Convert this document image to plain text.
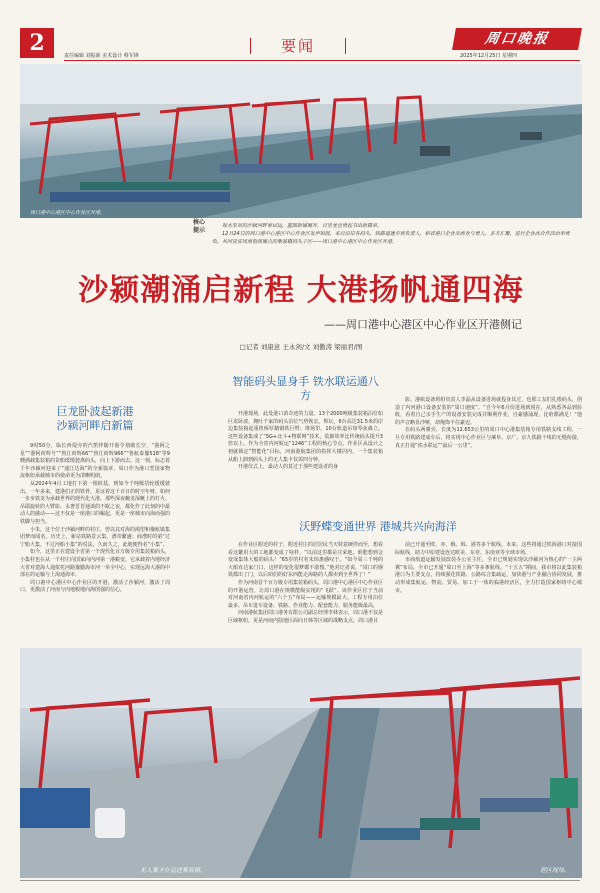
2	责任编辑 刘振新 美术设计 蔡军锋
要闻	周口晚报
2025年12月25日 星期四
周口港中心港区中心作业区开港。
核心提示
如水泵尽的沙颍河畔旁试运，蓝图新铺展开，百里龙也贵起书出新篇章。
12月24日的周口港中心港区中心作业区发声如鼓，来自沿岸各码头、铁路道通市场负责人、和省港口企业及商业与贵人、多方汇聚，进行企业高合作活动举贵负、共同见证周南孢孩展点的集装箱码头子区——周口港中心港区中心作业区开港。
沙颍潮涌启新程 大港扬帆通四海
——周口港中心港区中心作业区开港侧记
□记者 刘康意 王永剑/文 刘傲涛 梁丽君/图
巨龙卧波起新港
沙颍河畔启新篇

9时50分，临长西堤旁的汽笛伴随开港令划破长空，“港阿之星”“港阿荷辉号”“鲁江荷辉66”“鲁江荷辉966”“鲁航泰豫518”等9艘满载集装箱的货船缓缓驶离码头，向上下游而去。这一刻，标志着千年沙颍河迎来了“通江达海”的全新篇章，周口作为港口型国家物流枢纽承载城市的使命更为清晰明朗。

从2024年4月工地打下第一根桩基，到如今千吨级货轮缓缓驶出，一年多来，建港们正的铁骨，见证着这千百日的时空年财，如何一步步铁龙为承载世界的现代化大港。那些深夜蜿龙深蜒上的灯火、吊耶旋转的大臂影、永奢晋晋通谈的不眠之夜，都化作了此刻的中最动人的感动——这不仅是一座港口的崛起，更是一座城市向海而强的铁脚与担当。

小朱，这个位于沙颍河畔的村庄，曾以其对海的渴望和豫航镇集团梦而闻名。历史上，新站铁路景云集，漕帝繁盛；商漕时的第“过宁船大集，不过河船小集”的说法，久而久之，此地便得名“小集”。

如今，这里正在建设全省第一个现代化百万级专用集装箱码头，小集村也在从一个村庄向国家向内河第一港蜕变。它承载着内地经济大省对建海人通依托河路豫勤海市河一举全中心，实现远海大港的中部在的运输与上海通海市。

周口港中心港区中心作业区的开港，激活了沙颍河，激活了周口，更激活了河南与内地腹地向海图强的信心。

智能码头显身手 铁水联运通八方

开港现场，此处港口苗奇迹的力量。13个2000吨级集装箱泊位如巨龙卧波，拥吐千家的码头泊位气势恢宏。辉坛，6台高达31.5米的岸边集装箱起重机桥厚籍钢铁巨臂；堆场里，10台轨道吊如琴弦森立。这些设备集成了“5G+北斗+物联网”技术，装卸效率比传统码头提升3倍以上。作为全省内河航运“1246”工程的核心节点，作业区从设计之初就锁定“智能化”目标，河南港航集团的指挥大楼闪内，一个集装箱从船上卸到码头上的无人集卡仅需四分钟。

开港仪式上，最动人的莫过于那些建设者的身

影。港航设备班组负责人李磊从设备进场就投身其过，也那工友们扎根码头，创造了内河港口设备安装的“周口速度”。“自今年6月份进场到现在，从熟悉各品到验收，看着自己亲手生产的设备安装完成并顺利作业，自豪感涌现，比哈都满足！”他的声音略显沙哑，却掩饰不住豪迈。

在码头两翼旁，长度为12.653公里的周口中心港集装箱专用铁路支线工程，一旦专用铁路建成车后，将实现中心作业区与漯阜、京广、京九铁路干线的无缝衔接，真正打通“铁水联运”“最后一公里”。

沃野蝶变通世界 港城共兴向海洋

在作业区附近的村子，附近村庄的居居民当天特意硬伴而至，想看看这繁用大的工地都变成了啥样。“以前这里都是庄荣地，谁能想到会变成集体大船的码头！”65岁的村名朱炜惠感叹于。“如今周三千吨的大船直达家门口，这样的变化很梦都不敢想。”他对记者说，“周口的钢铁都出了门，以后咱们的好东西能走海路的人都卖到全世界了！”

作为河南首个百万级专用集装箱码头，周口港中心港区中心作业区的开港运营，让周口港在规模能级实现的“飞跃”。该作业区位于当前对河南省内河航运的“六个五”布局——运输规模最大、工程专用泊位最多、吊车进车设备、铁路、作业能力、配套能力、服务能级最高。

河南港航集团周口港务有限公司副总经理李林表示，周口港不仅是区域枢纽，更是河南内陆地区面向日韩等区域的战略支点，周口港目

前已开通至欧、亦、俄、韩、港等多个航线，未来，这些将通过铁海港口对接国际航线，助力中原建设连达欧美、东亚、东南亚等全球市场。

市商航道运输发展改装办公室主任，全市已规划实现以沙颍河为核心的“一主两翼”布局，全市已开通“周口至上海”等多条航线。“十五五”期间，我市将以此集装箱港口为主要支点，持续强化铁路、公路综合集疏运，加快港与产业融合协同发展，推动形成集航运、物流、贸易、加工于一体的临港经济区，全力打造国家枢纽中心城市。

无人集卡在运送集装箱。	港区现场。
